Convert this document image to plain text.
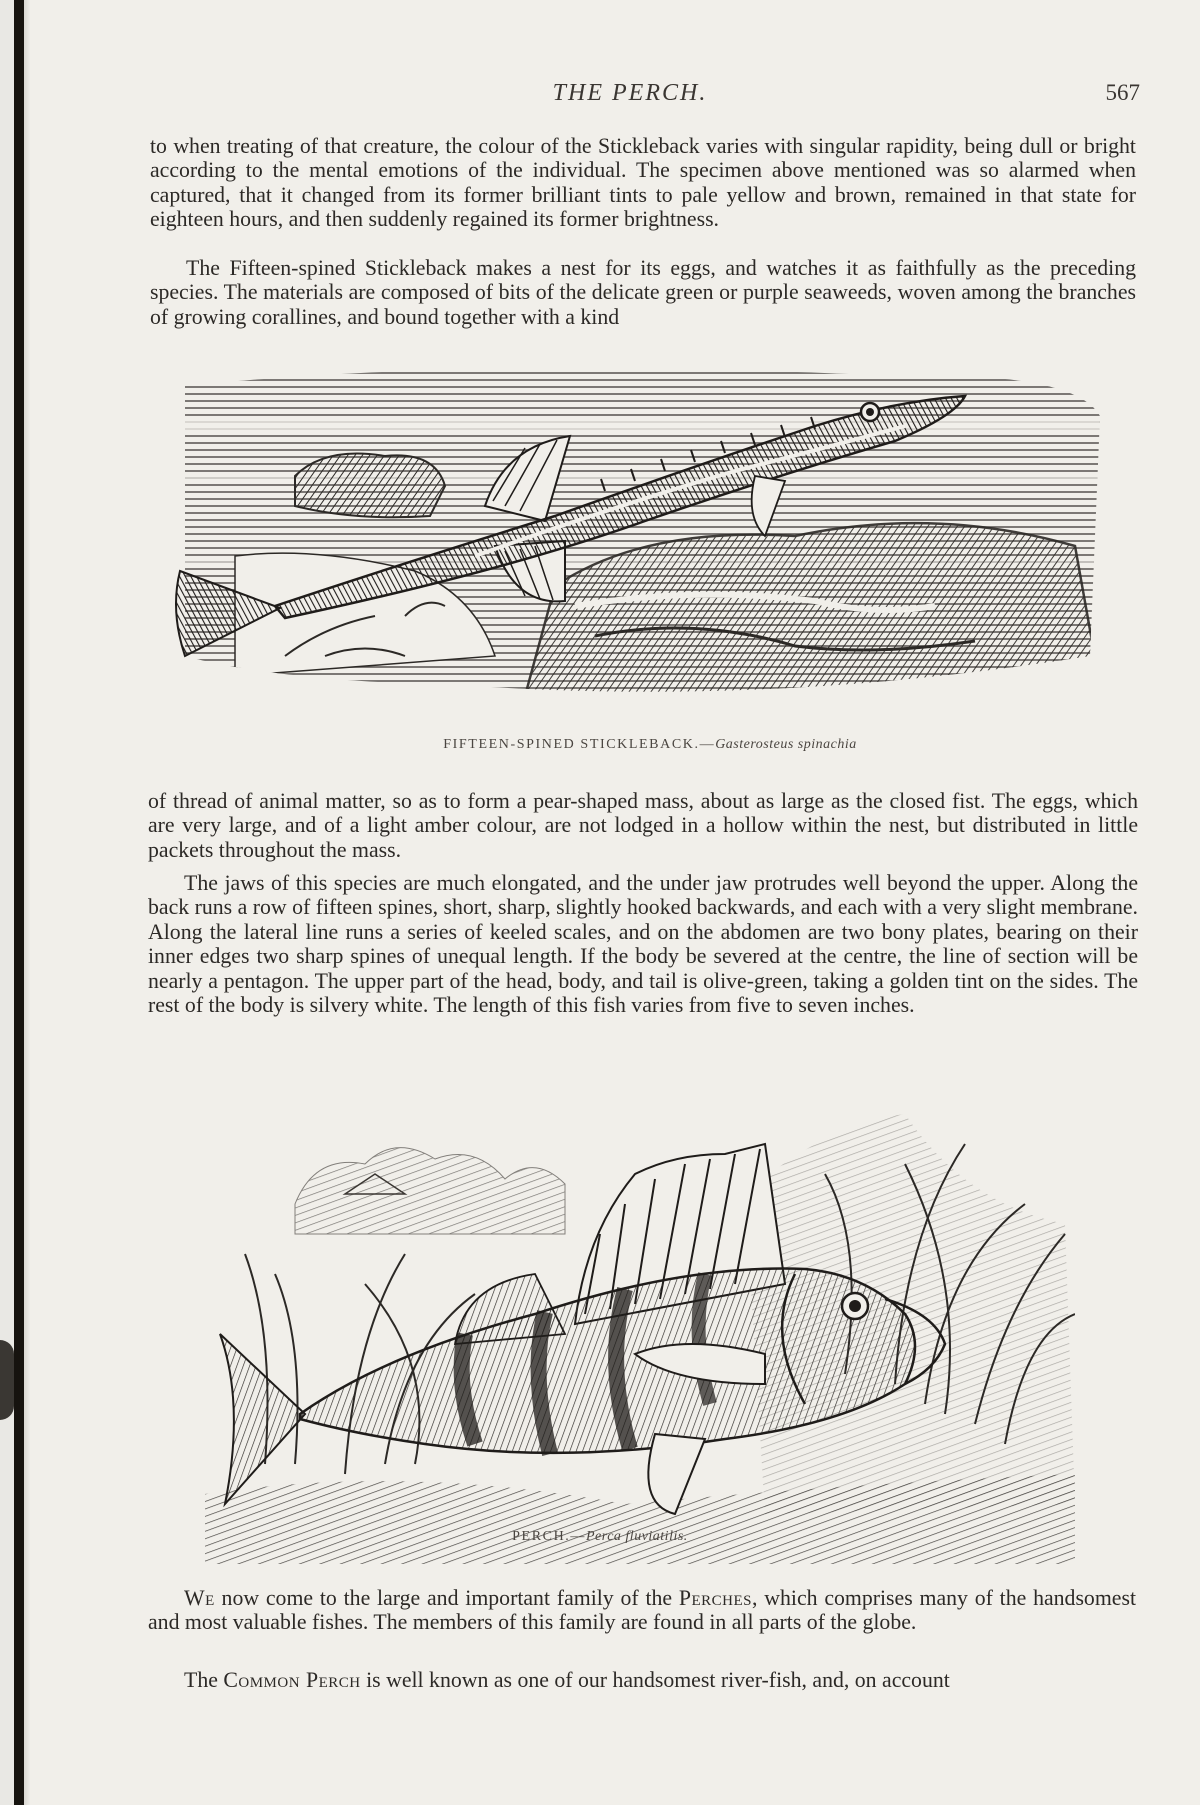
THE PERCH.	567

to when treating of that creature, the colour of the Stickleback varies with singular rapidity, being dull or bright according to the mental emotions of the individual. The specimen above mentioned was so alarmed when captured, that it changed from its former brilliant tints to pale yellow and brown, remained in that state for eighteen hours, and then suddenly regained its former brightness.

The Fifteen-spined Stickleback makes a nest for its eggs, and watches it as faithfully as the preceding species. The materials are composed of bits of the delicate green or purple seaweeds, woven among the branches of growing corallines, and bound together with a kind

FIFTEEN-SPINED STICKLEBACK.—Gasterosteus spinachia

of thread of animal matter, so as to form a pear-shaped mass, about as large as the closed fist. The eggs, which are very large, and of a light amber colour, are not lodged in a hollow within the nest, but distributed in little packets throughout the mass.

The jaws of this species are much elongated, and the under jaw protrudes well beyond the upper. Along the back runs a row of fifteen spines, short, sharp, slightly hooked backwards, and each with a very slight membrane. Along the lateral line runs a series of keeled scales, and on the abdomen are two bony plates, bearing on their inner edges two sharp spines of unequal length. If the body be severed at the centre, the line of section will be nearly a pentagon. The upper part of the head, body, and tail is olive-green, taking a golden tint on the sides. The rest of the body is silvery white. The length of this fish varies from five to seven inches.

PERCH.—Perca fluviatilis.

We now come to the large and important family of the Perches, which comprises many of the handsomest and most valuable fishes. The members of this family are found in all parts of the globe.

The Common Perch is well known as one of our handsomest river-fish, and, on account
